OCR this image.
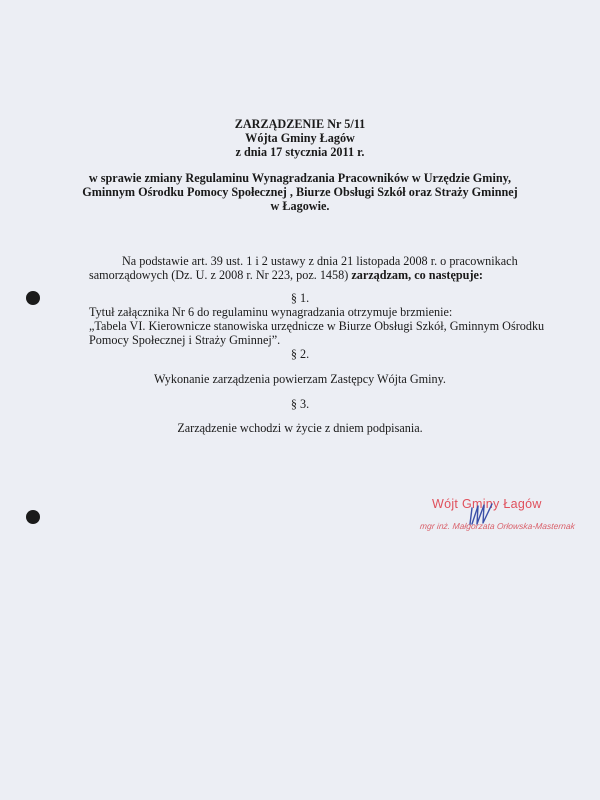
ZARZĄDZENIE Nr 5/11
Wójta Gminy Łagów
z dnia 17 stycznia 2011 r.
w sprawie zmiany Regulaminu Wynagradzania Pracowników w Urzędzie Gminy,
Gminnym Ośrodku Pomocy Społecznej , Biurze Obsługi Szkół oraz Straży Gminnej
w Łagowie.
Na podstawie art. 39 ust. 1 i 2 ustawy z dnia 21 listopada 2008 r. o pracownikach
samorządowych (Dz. U. z 2008 r. Nr 223, poz. 1458) zarządzam, co następuje:
§ 1.
Tytuł załącznika Nr 6 do regulaminu wynagradzania otrzymuje brzmienie:
„Tabela VI. Kierownicze stanowiska urzędnicze w Biurze Obsługi Szkół, Gminnym Ośrodku
Pomocy Społecznej i Straży Gminnej”.
§ 2.
Wykonanie zarządzenia powierzam Zastępcy Wójta Gminy.
§ 3.
Zarządzenie wchodzi w życie z dniem podpisania.
Wójt Gminy Łagów
mgr inż. Małgorzata Orłowska-Masternak
